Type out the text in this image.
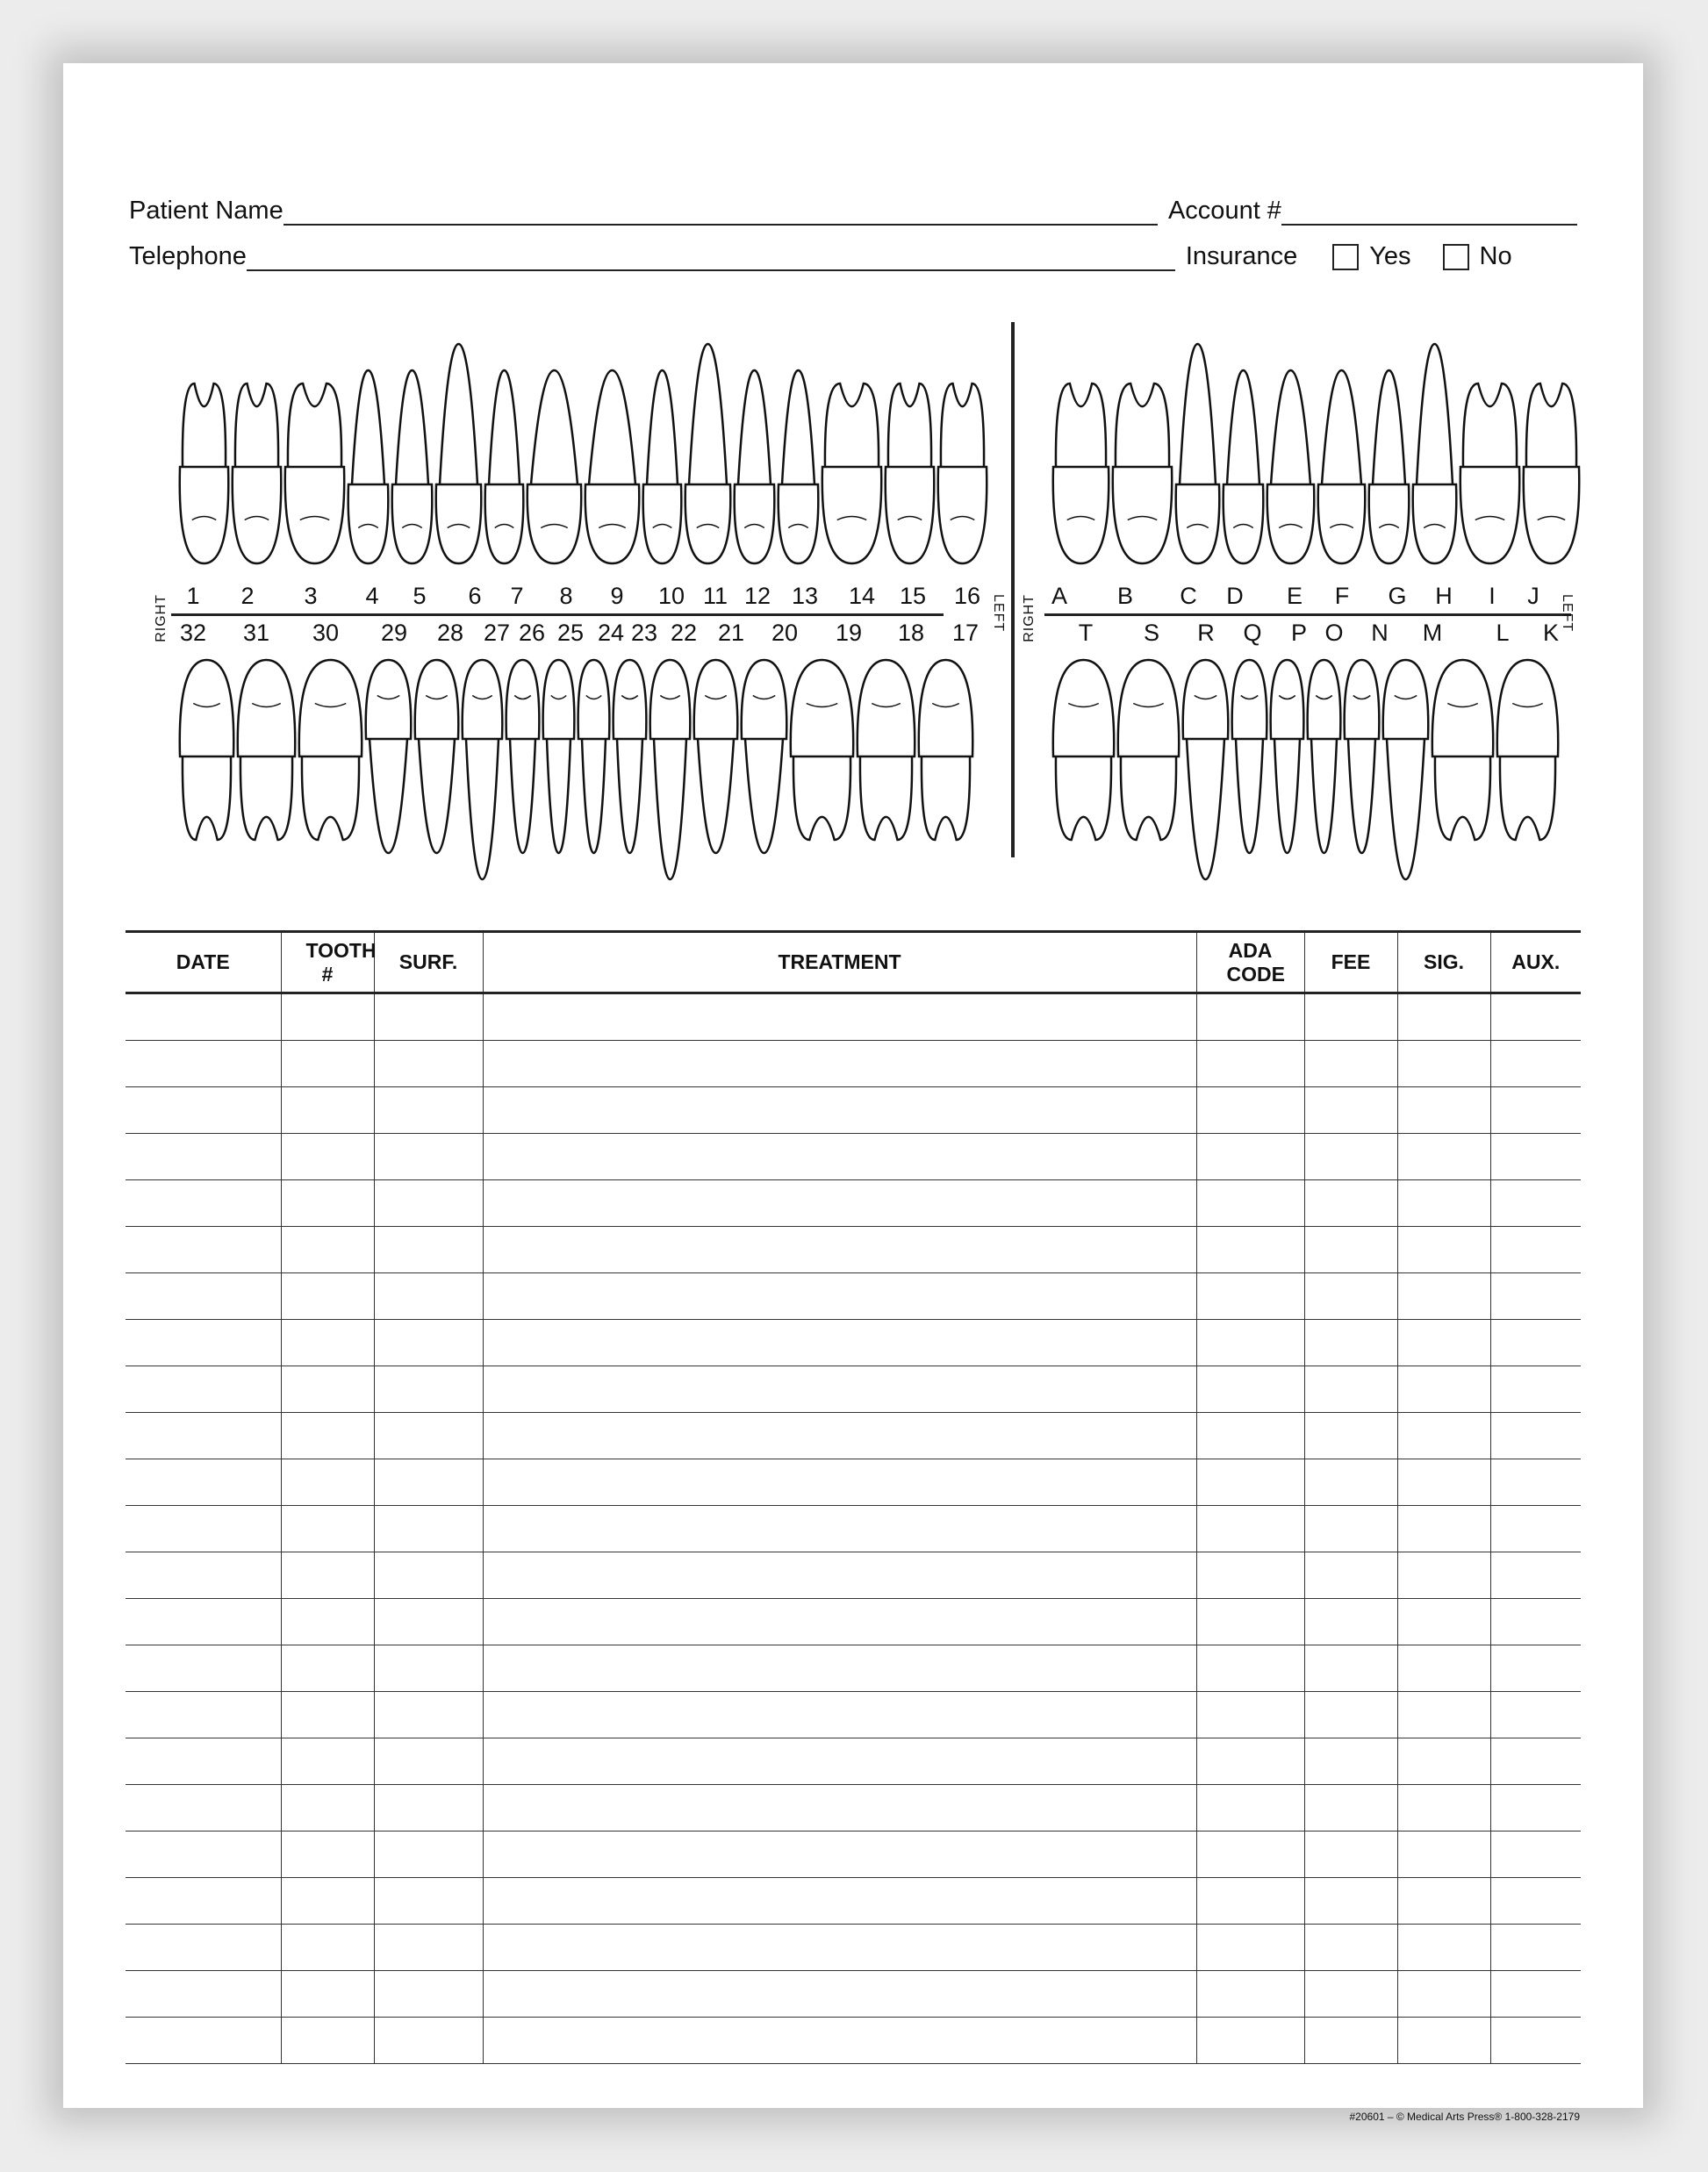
Patient Name	Account #
Telephone	Insurance	Yes	No
RIGHT	LEFT RIGHT	LEFT
1 2 3 4 5 6 7 8 9 10 11 12 13 14 15 16
32 31 30 29 28 27 26 25 24 23 22 21 20 19 18 17
A B C D E F G H I J
T S R Q P O N M L K
DATE	TOOTH #	SURF.	TREATMENT	ADA CODE	FEE	SIG.	AUX.

#20601 – © Medical Arts Press® 1-800-328-2179
